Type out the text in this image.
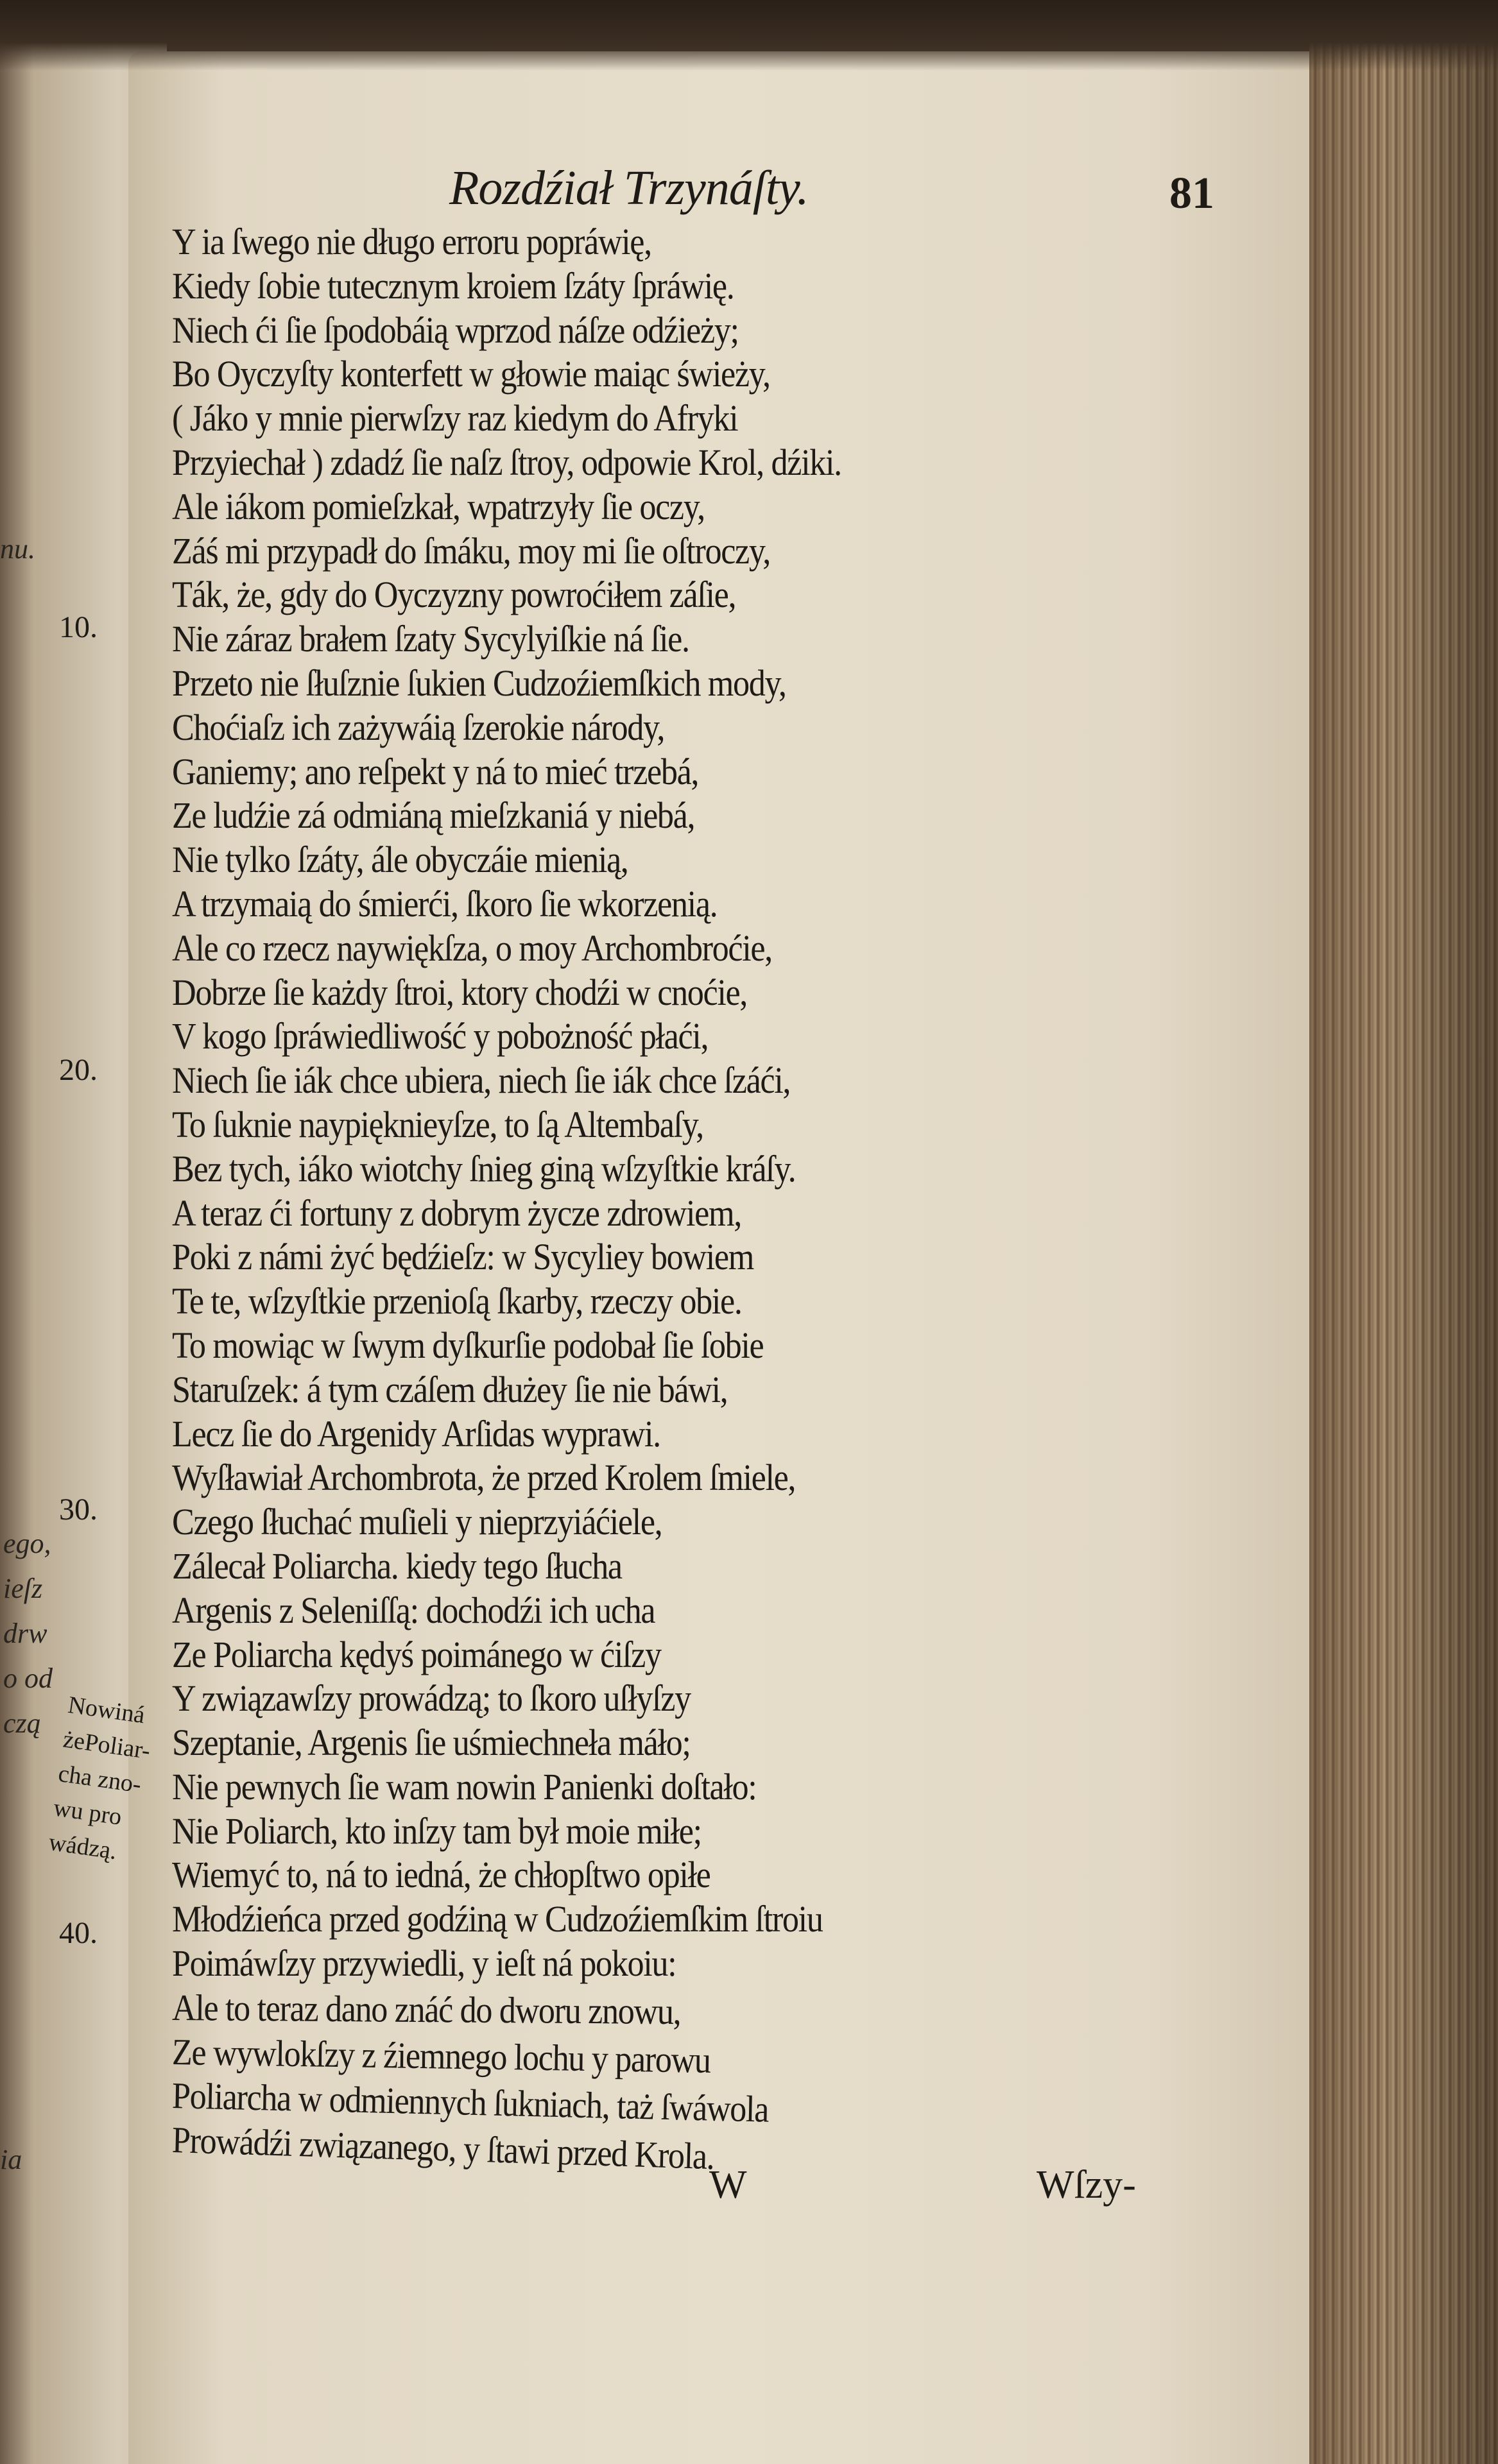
nu.
ego,
ieſz
drw
o od
czą
ia
Rozdźiał Trzynáſty.	81
Y ia ſwego nie długo erroru popráwię,
Kiedy ſobie tutecznym kroiem ſzáty ſpráwię.
Niech ći ſie ſpodobáią wprzod náſze odźieży;
Bo Oyczyſty konterfett w głowie maiąc świeży,
( Jáko y mnie pierwſzy raz kiedym do Afryki
Przyiechał ) zdadź ſie naſz ſtroy, odpowie Krol, dźiki.
Ale iákom pomieſzkał, wpatrzyły ſie oczy,
Záś mi przypadł do ſmáku, moy mi ſie oſtroczy,
Ták, że, gdy do Oyczyzny powroćiłem záſie,
Nie záraz brałem ſzaty Sycylyiſkie ná ſie.
Przeto nie ſłuſznie ſukien Cudzoźiemſkich mody,
Choćiaſz ich zażywáią ſzerokie národy,
Ganiemy; ano reſpekt y ná to mieć trzebá,
Ze ludźie zá odmiáną mieſzkaniá y niebá,
Nie tylko ſzáty, ále obyczáie mienią,
A trzymaią do śmierći, ſkoro ſie wkorzenią.
Ale co rzecz naywiękſza, o moy Archombroćie,
Dobrze ſie każdy ſtroi, ktory chodźi w cnoćie,
V kogo ſpráwiedliwość y pobożność płaći,
Niech ſie iák chce ubiera, niech ſie iák chce ſzáći,
To ſuknie naypięknieyſze, to ſą Altembaſy,
Bez tych, iáko wiotchy ſnieg giną wſzyſtkie kráſy.
A teraz ći fortuny z dobrym życze zdrowiem,
Poki z námi żyć będźieſz: w Sycyliey bowiem
Te te, wſzyſtkie przenioſą ſkarby, rzeczy obie.
To mowiąc w ſwym dyſkurſie podobał ſie ſobie
Staruſzek: á tym czáſem dłużey ſie nie báwi,
Lecz ſie do Argenidy Arſidas wyprawi.
Wyſławiał Archombrota, że przed Krolem ſmiele,
Czego ſłuchać muſieli y nieprzyiáćiele,
Zálecał Poliarcha. kiedy tego ſłucha
Argenis z Seleniſſą: dochodźi ich ucha
Ze Poliarcha kędyś poimánego w ćiſzy
Y związawſzy prowádzą; to ſkoro uſłyſzy
Szeptanie, Argenis ſie uśmiechneła máło;
Nie pewnych ſie wam nowin Panienki doſtało:
Nie Poliarch, kto inſzy tam był moie miłe;
Wiemyć to, ná to iedná, że chłopſtwo opiłe
Młodźieńca przed godźiną w Cudzoźiemſkim ſtroiu
Poimáwſzy przywiedli, y ieſt ná pokoiu:
Ale to teraz dano znáć do dworu znowu,
Ze wywlokſzy z źiemnego lochu y parowu
Poliarcha w odmiennych ſukniach, taż ſwáwola
Prowádźi związanego, y ſtawi przed Krola.
10.
20.
30.
40.
Nowiná
żePoliar-
cha zno-
wu pro
wádzą.
W	Wſzy-
